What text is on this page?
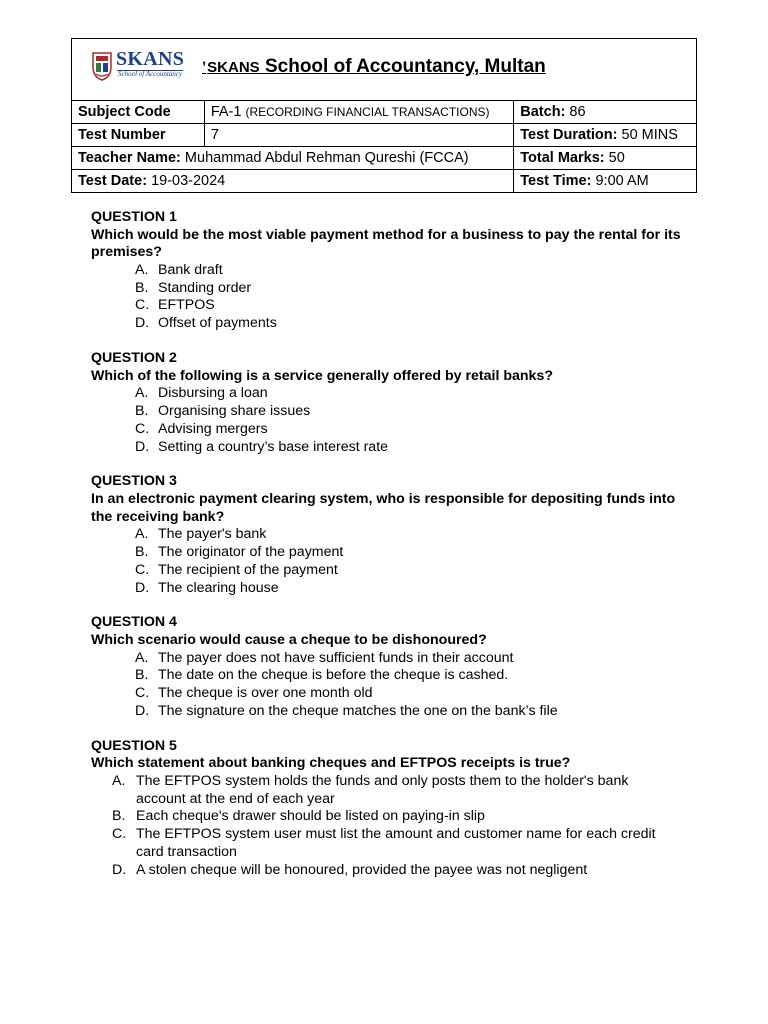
SKANS
School of Accountancy ʼSKANS School of Accountancy, Multan		

Subject Code	FA-1 (RECORDING FINANCIAL TRANSACTIONS)	Batch: 86
Test Number	7	Test Duration: 50 MINS
Teacher Name: Muhammad Abdul Rehman Qureshi (FCCA)		Total Marks: 50
Test Date: 19-03-2024		Test Time: 9:00 AM
QUESTION 1
Which would be the most viable payment method for a business to pay the rental for its premises?
A. Bank draft
B. Standing order
C. EFTPOS
D. Offset of payments
QUESTION 2
Which of the following is a service generally offered by retail banks?
A. Disbursing a loan
B. Organising share issues
C. Advising mergers
D. Setting a country’s base interest rate
QUESTION 3
In an electronic payment clearing system, who is responsible for depositing funds into the receiving bank?
A. The payer's bank
B. The originator of the payment
C. The recipient of the payment
D. The clearing house
QUESTION 4
Which scenario would cause a cheque to be dishonoured?
A. The payer does not have sufficient funds in their account
B. The date on the cheque is before the cheque is cashed.
C. The cheque is over one month old
D. The signature on the cheque matches the one on the bank’s file
QUESTION 5
Which statement about banking cheques and EFTPOS receipts is true?
A. The EFTPOS system holds the funds and only posts them to the holder's bank account at the end of each year
B. Each cheque's drawer should be listed on paying-in slip
C. The EFTPOS system user must list the amount and customer name for each credit card transaction
D. A stolen cheque will be honoured, provided the payee was not negligent
